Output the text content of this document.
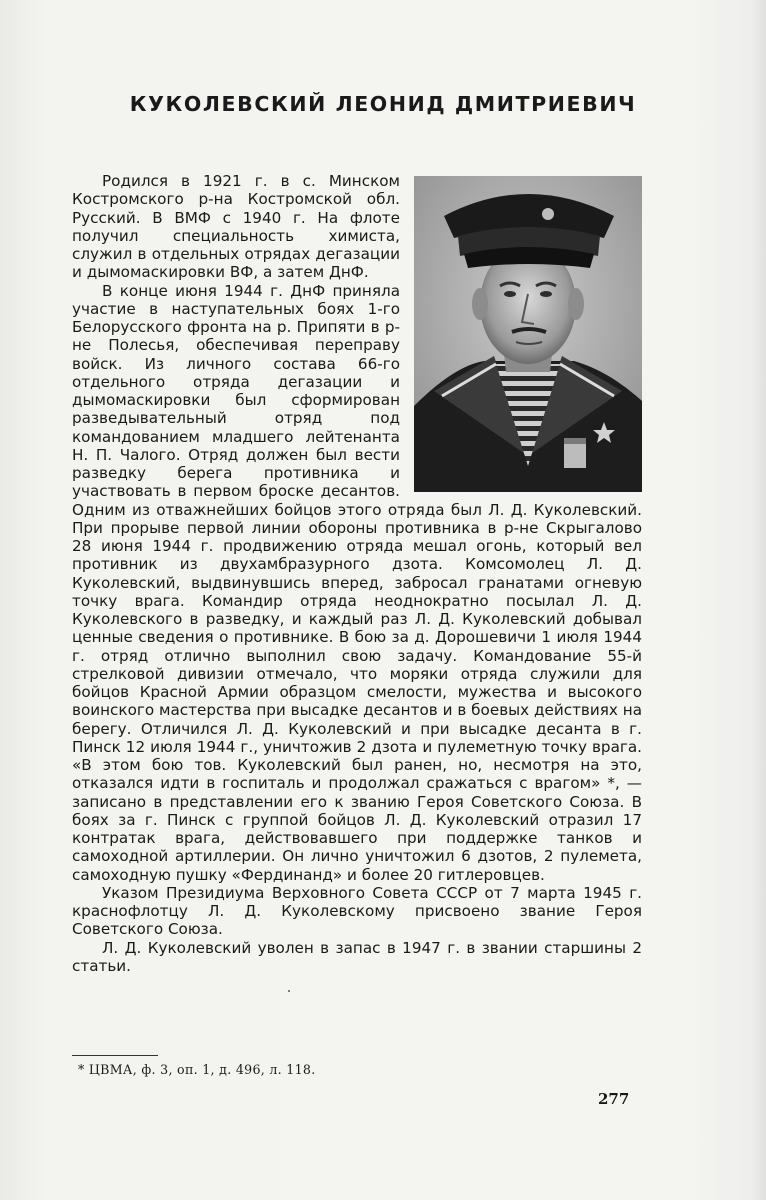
КУКОЛЕВСКИЙ ЛЕОНИД ДМИТРИЕВИЧ

Родился в 1921 г. в с. Минском Костромского р-на Костромской обл. Русский. В ВМФ с 1940 г. На флоте получил специальность химиста, служил в отдельных отрядах дегазации и дымомаскировки ВФ, а затем ДнФ.

В конце июня 1944 г. ДнФ приняла участие в наступательных боях 1-го Белорусского фронта на р. Припяти в р-не Полесья, обеспечивая переправу войск. Из личного состава 66-го отдельного отряда дегазации и дымомаскировки был сформирован разведывательный отряд под командованием младшего лейтенанта Н. П. Чалого. Отряд должен был вести разведку берега противника и участвовать в первом броске десантов. Одним из отважнейших бойцов этого отряда был Л. Д. Куколевский. При прорыве первой линии обороны противника в р-не Скрыгалово 28 июня 1944 г. продвижению отряда мешал огонь, который вел противник из двухамбразурного дзота. Комсомолец Л. Д. Куколевский, выдвинувшись вперед, забросал гранатами огневую точку врага. Командир отряда неоднократно посылал Л. Д. Куколевского в разведку, и каждый раз Л. Д. Куколевский добывал ценные сведения о противнике. В бою за д. Дорошевичи 1 июля 1944 г. отряд отлично выполнил свою задачу. Командование 55-й стрелковой дивизии отмечало, что моряки отряда служили для бойцов Красной Армии образцом смелости, мужества и высокого воинского мастерства при высадке десантов и в боевых действиях на берегу. Отличился Л. Д. Куколевский и при высадке десанта в г. Пинск 12 июля 1944 г., уничтожив 2 дзота и пулеметную точку врага. «В этом бою тов. Куколевский был ранен, но, несмотря на это, отказался идти в госпиталь и продолжал сражаться с врагом» *, — записано в представлении его к званию Героя Советского Союза. В боях за г. Пинск с группой бойцов Л. Д. Куколевский отразил 17 контратак врага, действовавшего при поддержке танков и самоходной артиллерии. Он лично уничтожил 6 дзотов, 2 пулемета, самоходную пушку «Фердинанд» и более 20 гитлеровцев.

Указом Президиума Верховного Совета СССР от 7 марта 1945 г. краснофлотцу Л. Д. Куколевскому присвоено звание Героя Советского Союза.

Л. Д. Куколевский уволен в запас в 1947 г. в звании старшины 2 статьи.

* ЦВМА, ф. 3, оп. 1, д. 496, л. 118.
277
